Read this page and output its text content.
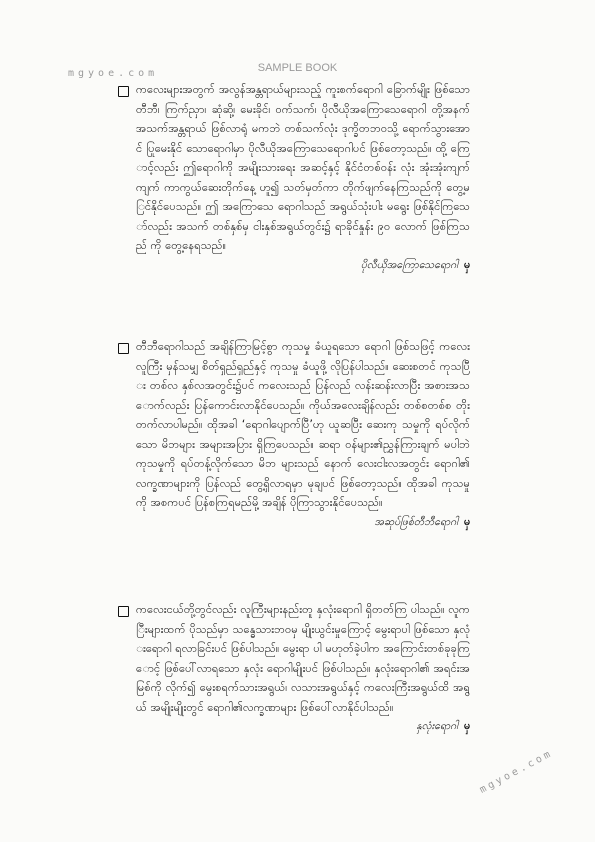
mgyoe.com	SAMPLE BOOK
mgyoe.com
ကလေးများအတွက် အလွန်အန္တရာယ်များသည့် ကူးစက်ရောဂါ ခြောက်မျိုး ဖြစ်သော တီဘီ၊ ကြက်ညှာ၊ ဆုံဆို့၊ မေးခိုင်၊ ဝက်သက်၊ ပိုလီယိုအကြောသေရောဂါ တို့အနက် အသက်အန္တရာယ် ဖြစ်လာရုံ မကဘဲ တစ်သက်လုံး ဒုက္ခိတဘဝသို့ ရောက်သွားအောင် ပြုမေးနိုင် သောရောဂါမှာ ပိုလီယိုအကြောသေရောဂါပင် ဖြစ်တော့သည်။ ထို့ ကြောင့်လည်း ဤရောဂါကို အမျိုးသားရေး အဆင့်နှင့် နိုင်ငံတစ်ဝန်း လုံး အုံးအုံးကျက်ကျက် ကာကွယ်ဆေးတိုက်နေ့ ဟူ၍ သတ်မှတ်ကာ တိုက်ဖျက်နေကြသည်ကို တွေ့မြင်နိုင်ပေသည်။ ဤ အကြောသေ ရောဂါသည် အရွယ်သုံးပါး မရွေး ဖြစ်နိုင်ကြသော်လည်း အသက် တစ်နှစ်မှ ငါးနှစ်အရွယ်တွင်း၌ ရာခိုင်နှုန်း ၉၀ လောက် ဖြစ်ကြသည် ကို တွေ့နေရသည်။
ပိုလီယိုအကြောသေရောဂါ မှ
တီဘီရောဂါသည် အချိန်ကြာမြင့်စွာ ကုသမှု ခံယူရသော ရောဂါ ဖြစ်သဖြင့် ကလေးလူကြီး မှန်သမျှ စိတ်ရှည်ရှည်နှင့် ကုသမှု ခံယူဖို့ လိုပြန်ပါသည်။ ဆေးစတင် ကုသပြီး တစ်လ နှစ်လအတွင်း၌ပင် ကလေးသည် ပြန်လည် လန်းဆန်းလာပြီး အစားအသောက်လည်း ပြန်ကောင်းလာနိုင်ပေသည်။ ကိုယ်အလေးချိန်လည်း တစ်စတစ်စ တိုးတက်လာပါမည်။ ထိုအခါ ‘ရောဂါပျောက်ပြီ’ဟု ယူဆပြီး ဆေးကု သမှုကို ရပ်လိုက်သော မိဘများ အများအပြား ရှိကြပေသည်။ ဆရာ ဝန်များ၏ညွှန်ကြားချက် မပါဘဲ ကုသမှုကို ရပ်တန့်လိုက်သော မိဘ များသည် နောက် လေးငါးလအတွင်း ရောဂါ၏ လက္ခဏာများကို ပြန်လည် တွေ့ရှိလာရမှာ မုချပင် ဖြစ်တော့သည်။ ထိုအခါ ကုသမှု ကို အစကပင် ပြန်စကြရမည်မို့ အချိန် ပိုကြာသွားနိုင်ပေသည်။
အဆုပ်ဖြစ်တီဘီရောဂါ မှ
ကလေးငယ်တို့တွင်လည်း လူကြီးများနည်းတူ နှလုံးရောဂါ ရှိတတ်ကြ ပါသည်။ လူကြီးများထက် ပိုသည်မှာ သန္ဓေသားဘဝမှ မျိုးယွင်းမှုကြောင့် မွေးရာပါ ဖြစ်သော နှလုံးရောဂါ ရလာခြင်းပင် ဖြစ်ပါသည်။ မွေးရာ ပါ မဟုတ်ခဲ့ပါက အကြောင်းတစ်ခုခုကြောင့် ဖြစ်ပေါ်လာရသော နှလုံး ရောဂါမျိုးပင် ဖြစ်ပါသည်။ နှလုံးရောဂါ၏ အရင်းအမြစ်ကို လိုက်၍ မွေးစရက်သားအရွယ်၊ လသားအရွယ်နှင့် ကလေးကြီးအရွယ်ထိ အရွယ် အမျိုးမျိုးတွင် ရောဂါ၏လက္ခဏာများ ဖြစ်ပေါ်လာနိုင်ပါသည်။
နှလုံးရောဂါ မှ
